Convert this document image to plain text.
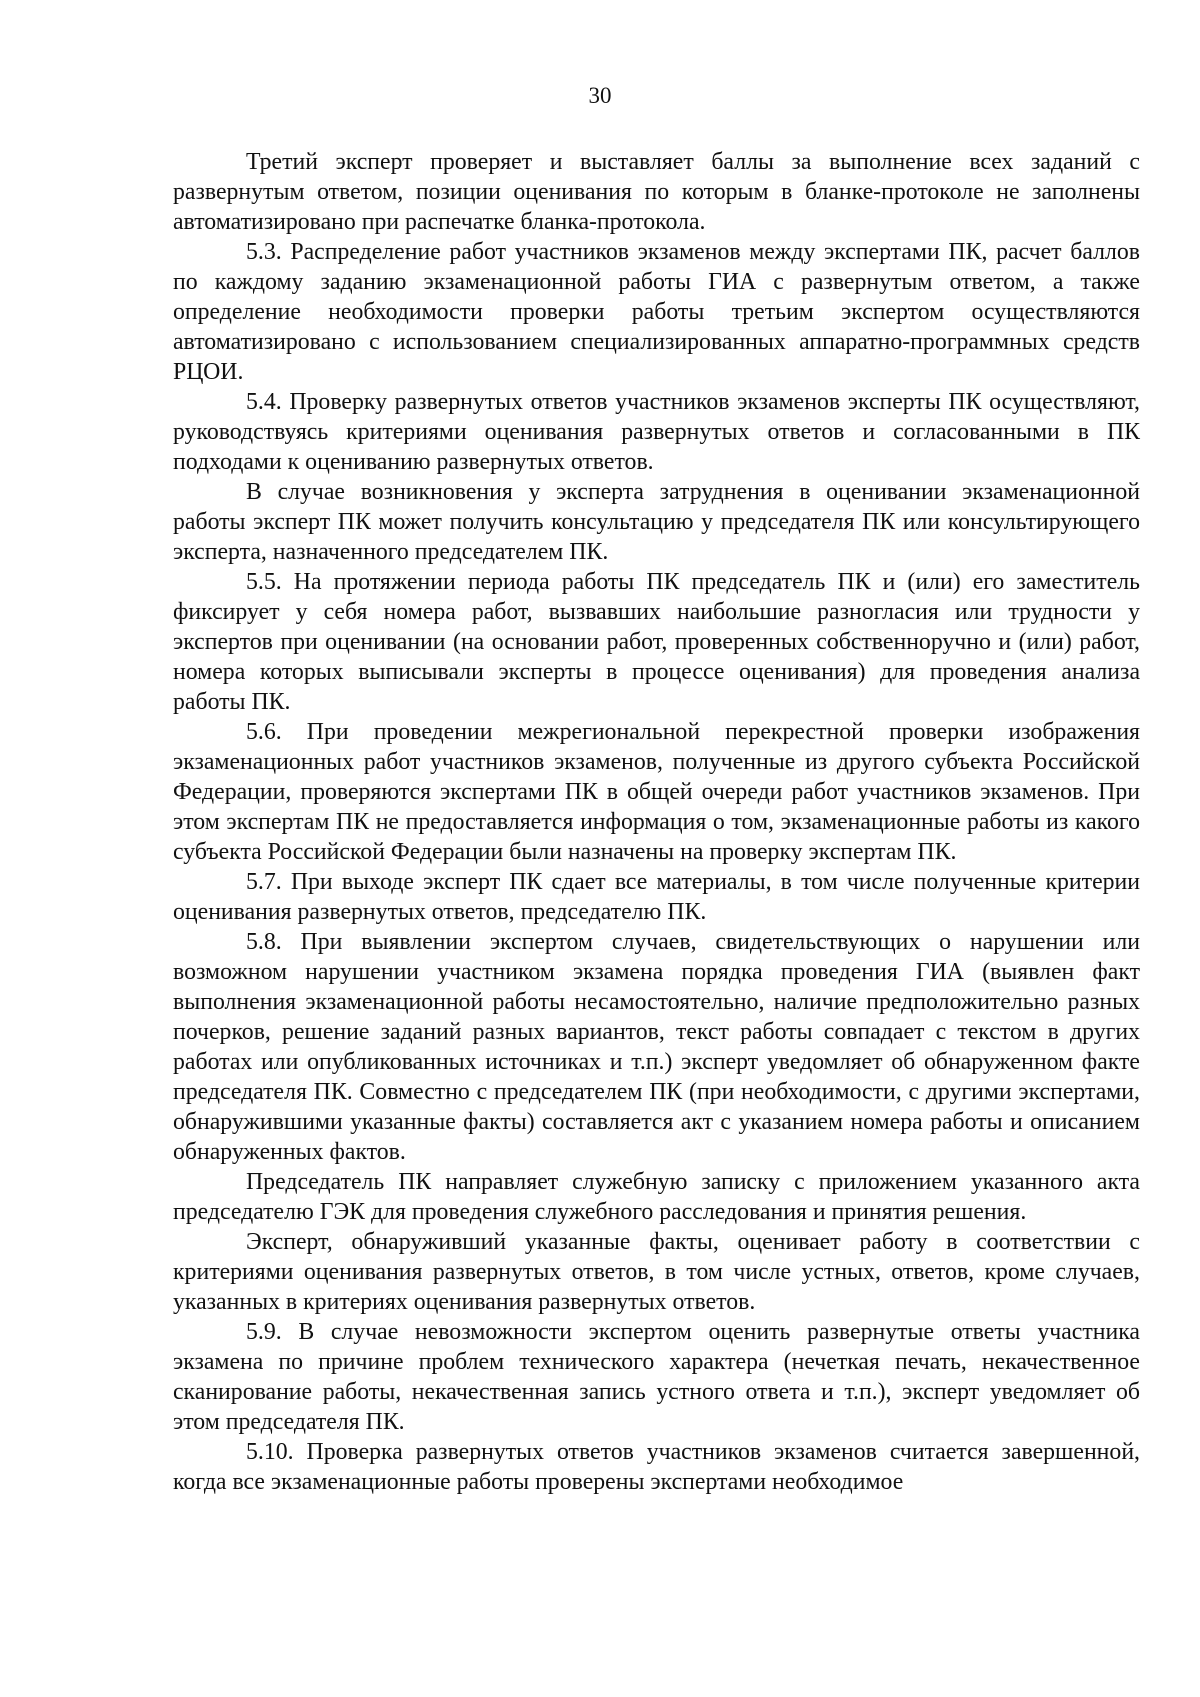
30

Третий эксперт проверяет и выставляет баллы за выполнение всех заданий с развернутым ответом, позиции оценивания по которым в бланке-протоколе не заполнены автоматизировано при распечатке бланка-протокола.

5.3. Распределение работ участников экзаменов между экспертами ПК, расчет баллов по каждому заданию экзаменационной работы ГИА с развернутым ответом, а также определение необходимости проверки работы третьим экспертом осуществляются автоматизировано с использованием специализированных аппаратно-программных средств РЦОИ.

5.4. Проверку развернутых ответов участников экзаменов эксперты ПК осуществляют, руководствуясь критериями оценивания развернутых ответов и согласованными в ПК подходами к оцениванию развернутых ответов.

В случае возникновения у эксперта затруднения в оценивании экзаменационной работы эксперт ПК может получить консультацию у председателя ПК или консультирующего эксперта, назначенного председателем ПК.

5.5. На протяжении периода работы ПК председатель ПК и (или) его заместитель фиксирует у себя номера работ, вызвавших наибольшие разногласия или трудности у экспертов при оценивании (на основании работ, проверенных собственноручно и (или) работ, номера которых выписывали эксперты в процессе оценивания) для проведения анализа работы ПК.

5.6. При проведении межрегиональной перекрестной проверки изображения экзаменационных работ участников экзаменов, полученные из другого субъекта Российской Федерации, проверяются экспертами ПК в общей очереди работ участников экзаменов. При этом экспертам ПК не предоставляется информация о том, экзаменационные работы из какого субъекта Российской Федерации были назначены на проверку экспертам ПК.

5.7. При выходе эксперт ПК сдает все материалы, в том числе полученные критерии оценивания развернутых ответов, председателю ПК.

5.8. При выявлении экспертом случаев, свидетельствующих о нарушении или возможном нарушении участником экзамена порядка проведения ГИА (выявлен факт выполнения экзаменационной работы несамостоятельно, наличие предположительно разных почерков, решение заданий разных вариантов, текст работы совпадает с текстом в других работах или опубликованных источниках и т.п.) эксперт уведомляет об обнаруженном факте председателя ПК. Совместно с председателем ПК (при необходимости, с другими экспертами, обнаружившими указанные факты) составляется акт с указанием номера работы и описанием обнаруженных фактов.

Председатель ПК направляет служебную записку с приложением указанного акта председателю ГЭК для проведения служебного расследования и принятия решения.

Эксперт, обнаруживший указанные факты, оценивает работу в соответствии с критериями оценивания развернутых ответов, в том числе устных, ответов, кроме случаев, указанных в критериях оценивания развернутых ответов.

5.9. В случае невозможности экспертом оценить развернутые ответы участника экзамена по причине проблем технического характера (нечеткая печать, некачественное сканирование работы, некачественная запись устного ответа и т.п.), эксперт уведомляет об этом председателя ПК.

5.10. Проверка развернутых ответов участников экзаменов считается завершенной, когда все экзаменационные работы проверены экспертами необходимое
